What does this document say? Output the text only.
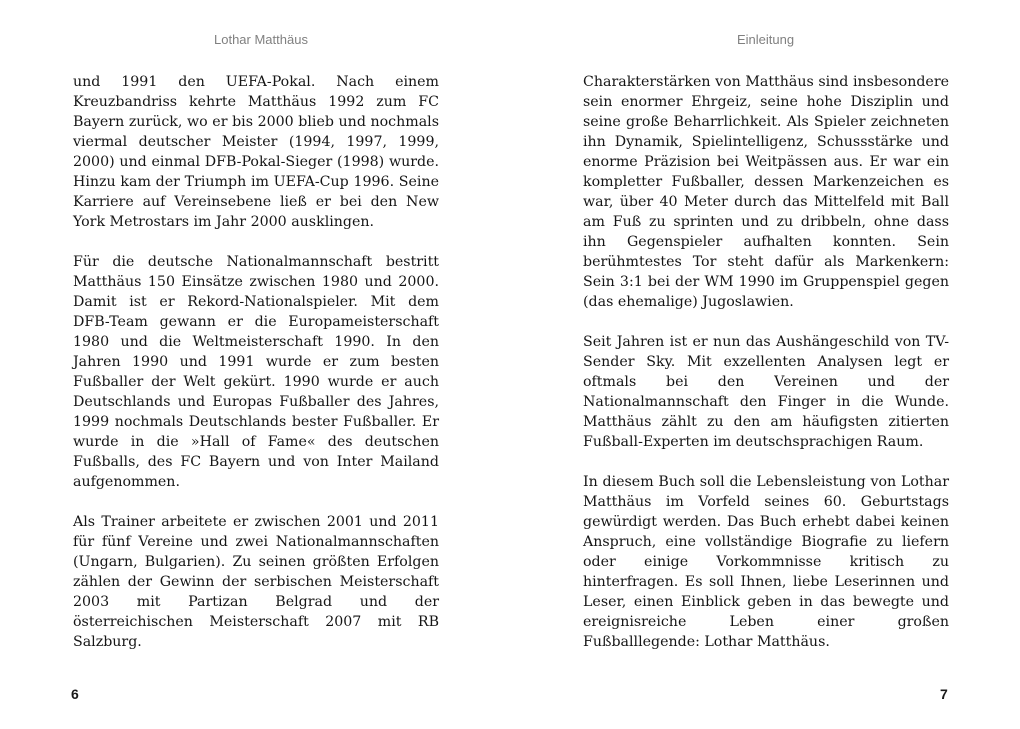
Lothar Matthäus

und 1991 den UEFA-Pokal. Nach einem Kreuzbandriss kehrte Matthäus 1992 zum FC Bayern zurück, wo er bis 2000 blieb und nochmals viermal deutscher Meister (1994, 1997, 1999, 2000) und einmal DFB-Pokal-Sieger (1998) wurde. Hinzu kam der Triumph im UEFA-Cup 1996. Seine Karriere auf Vereinsebene ließ er bei den New York Metrostars im Jahr 2000 ausklingen.

Für die deutsche Nationalmannschaft bestritt Matthäus 150 Einsätze zwischen 1980 und 2000. Damit ist er Rekord-Nationalspieler. Mit dem DFB-Team gewann er die Europameisterschaft 1980 und die Weltmeisterschaft 1990. In den Jahren 1990 und 1991 wurde er zum besten Fußballer der Welt gekürt. 1990 wurde er auch Deutschlands und Europas Fußballer des Jahres, 1999 nochmals Deutschlands bester Fußballer. Er wurde in die »Hall of Fame« des deutschen Fußballs, des FC Bayern und von Inter Mailand aufgenommen.

Als Trainer arbeitete er zwischen 2001 und 2011 für fünf Vereine und zwei Nationalmannschaften (Ungarn, Bulgarien). Zu seinen größten Erfolgen zählen der Gewinn der serbischen Meisterschaft 2003 mit Partizan Belgrad und der österreichischen Meisterschaft 2007 mit RB Salzburg.

6

Einleitung

Charakterstärken von Matthäus sind insbesondere sein enormer Ehrgeiz, seine hohe Disziplin und seine große Beharrlichkeit. Als Spieler zeichneten ihn Dynamik, Spielintelligenz, Schussstärke und enorme Präzision bei Weitpässen aus. Er war ein kompletter Fußballer, dessen Markenzeichen es war, über 40 Meter durch das Mittelfeld mit Ball am Fuß zu sprinten und zu dribbeln, ohne dass ihn Gegenspieler aufhalten konnten. Sein berühmtestes Tor steht dafür als Markenkern: Sein 3:1 bei der WM 1990 im Gruppenspiel gegen (das ehemalige) Jugoslawien.

Seit Jahren ist er nun das Aushängeschild von TV-Sender Sky. Mit exzellenten Analysen legt er oftmals bei den Vereinen und der Nationalmannschaft den Finger in die Wunde. Matthäus zählt zu den am häufigsten zitierten Fußball-Experten im deutschsprachigen Raum.

In diesem Buch soll die Lebensleistung von Lothar Matthäus im Vorfeld seines 60. Geburtstags gewürdigt werden. Das Buch erhebt dabei keinen Anspruch, eine vollständige Biografie zu liefern oder einige Vorkommnisse kritisch zu hinterfragen. Es soll Ihnen, liebe Leserinnen und Leser, einen Einblick geben in das bewegte und ereignisreiche Leben einer großen Fußballlegende: Lothar Matthäus.

7
